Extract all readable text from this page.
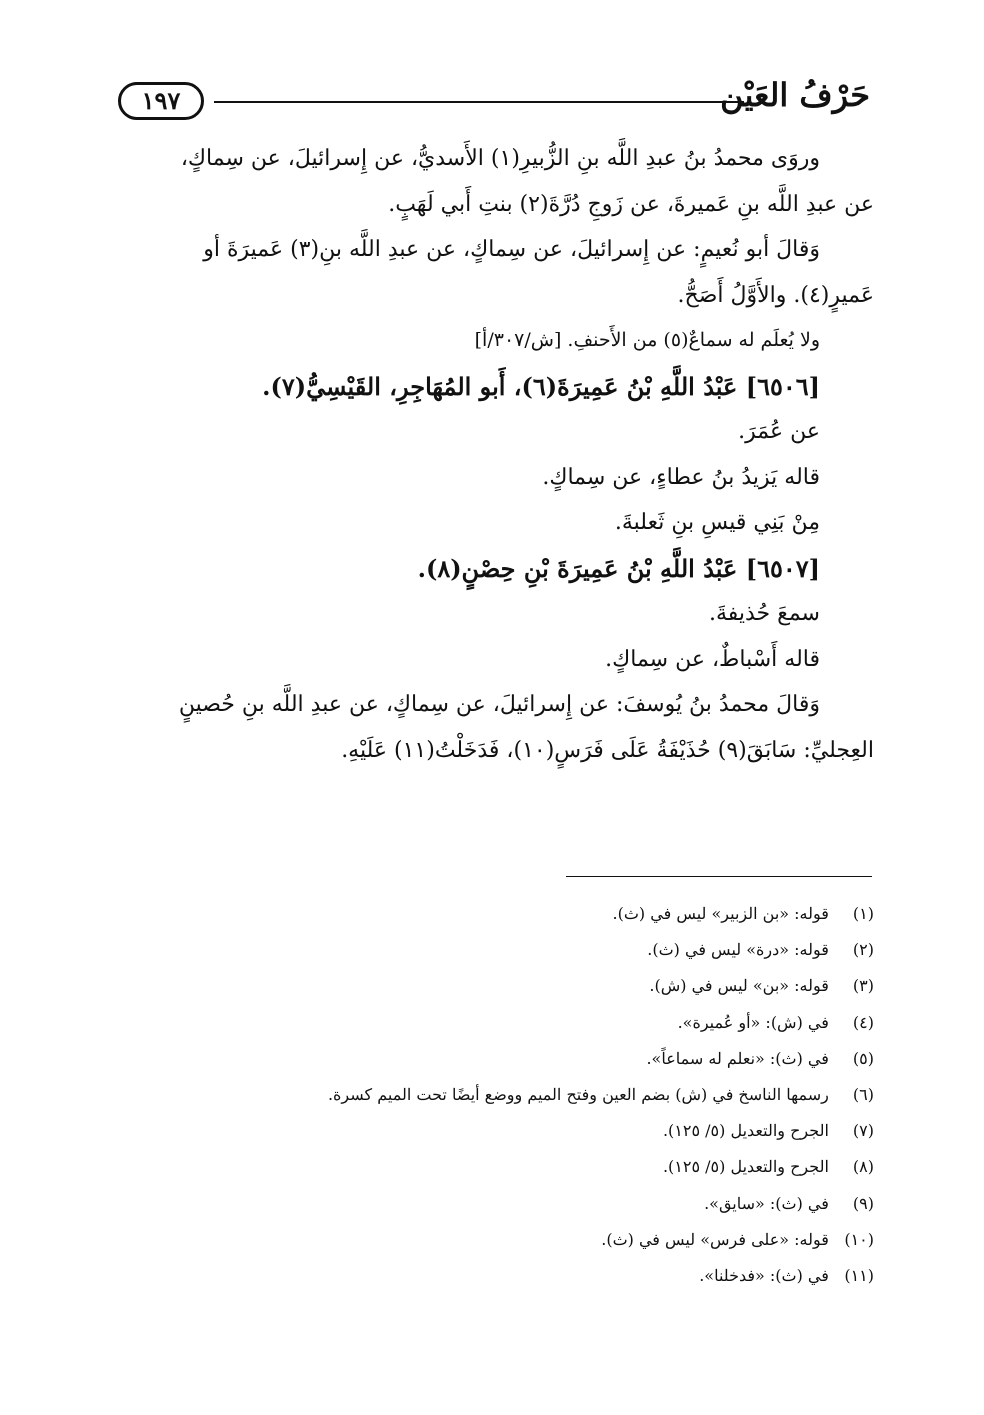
١٩٧	حَرْفُ العَيْن

وروَى محمدُ بنُ عبدِ اللَّه بنِ الزُّبيرِ(١) الأَسديُّ، عن إِسرائيلَ، عن سِماكٍ،

عن عبدِ اللَّه بنِ عَميرةَ، عن زَوجِ دُرَّةَ(٢) بنتِ أَبي لَهَبٍ.

وَقالَ أبو نُعيمٍ: عن إِسرائيلَ، عن سِماكٍ، عن عبدِ اللَّه بنِ(٣) عَميرَةَ أو

عَميرٍ(٤). والأَوَّلُ أَصَحُّ.

ولا يُعلَم له سماعٌ(٥) من الأَحنفِ. [ش/٣٠٧/أ]

[٦٥٠٦] عَبْدُ اللَّهِ بْنُ عَمِيرَةَ(٦)، أَبو المُهَاجِرِ، القَيْسِيُّ(٧).

عن عُمَرَ.

قاله يَزيدُ بنُ عطاءٍ، عن سِماكٍ.

مِنْ بَنِي قيسِ بنِ ثَعلبةَ.

[٦٥٠٧] عَبْدُ اللَّهِ بْنُ عَمِيرَةَ بْنِ حِصْنٍ(٨).

سمعَ حُذيفةَ.

قاله أَسْباطٌ، عن سِماكٍ.

وَقالَ محمدُ بنُ يُوسفَ: عن إِسرائيلَ، عن سِماكٍ، عن عبدِ اللَّه بنِ حُصينٍ

العِجليِّ: سَابَقَ(٩) حُذَيْفَةُ عَلَى فَرَسٍ(١٠)، فَدَخَلْتُ(١١) عَلَيْهِ.

(١) قوله: «بن الزبير» ليس في (ث).
(٢) قوله: «درة» ليس في (ث).
(٣) قوله: «بن» ليس في (ش).
(٤) في (ش): «أو عُميرة».
(٥) في (ث): «نعلم له سماعاً».
(٦) رسمها الناسخ في (ش) بضم العين وفتح الميم ووضع أيضًا تحت الميم كسرة.
(٧) الجرح والتعديل (٥/ ١٢٥).
(٨) الجرح والتعديل (٥/ ١٢٥).
(٩) في (ث): «سايق».
(١٠) قوله: «على فرس» ليس في (ث).
(١١) في (ث): «فدخلنا».
